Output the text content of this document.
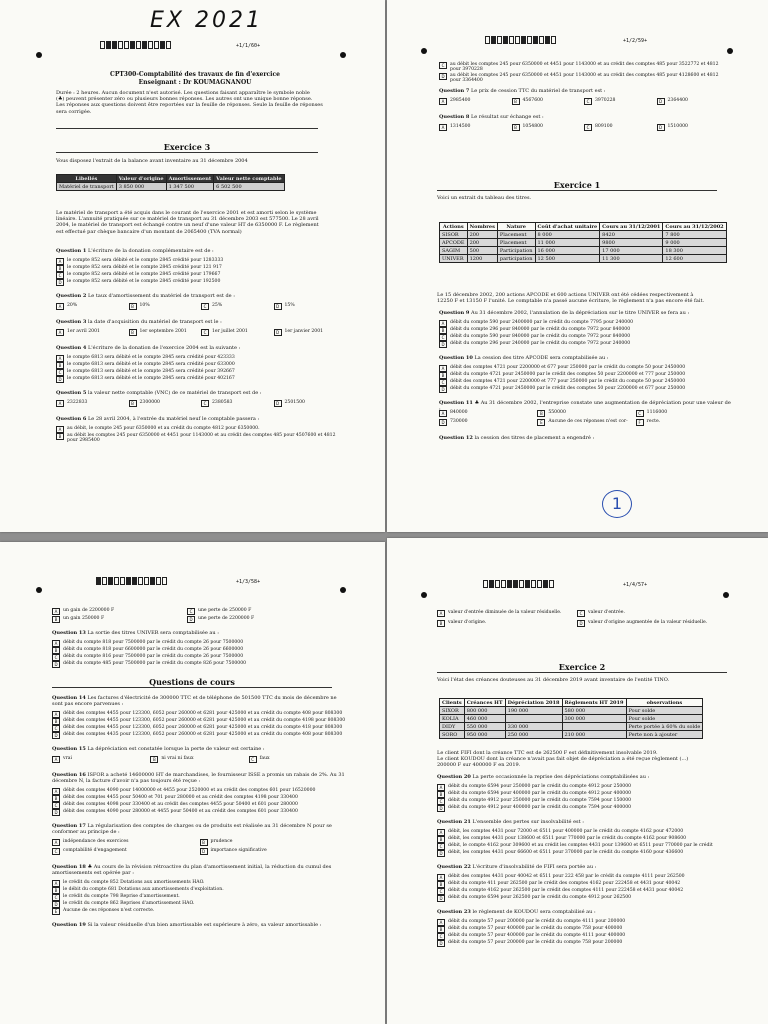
EX 2021
+1/1/60+
CPT300-Comptabilité des travaux de fin d'exercice
Enseignant : Dr KOUMAGNANOU
Durée : 2 heures. Aucun document n'est autorisé. Les questions faisant apparaître le symbole noble
(♣) peuvent présenter zéro ou plusieurs bonnes réponses. Les autres ont une unique bonne réponse.
Les réponses aux questions doivent être reportées sur la feuille de réponses. Seule la feuille de réponses
sera corrigée.
Exercice 3
Vous disposez l'extrait de la balance avant inventaire au 31 décembre 2004
Libellés	Valeur d'origine	Amortissement	Valeur nette comptable
Matériel de transport	3 850 000	1 347 500	6 502 500
Le matériel de transport a été acquis dans le courant de l'exercice 2001 et est amorti selon le système
linéaire. L'annuité pratiquée sur ce matériel de transport au 31 décembre 2003 est 577500. Le 28 avril
2004, le matériel de transport est échangé contre un neuf d'une valeur HT de 6350000 F. Le règlement
est effectué par chèque bancaire d'un montant de 2065400 (TVA normal)
Question 1 L'écriture de la donation complémentaire est de :
A	le compte 852 sera débité et le compte 2845 crédité pour 1283333
B	le compte 852 sera débité et le compte 2845 crédité pour 121 917
C	le compte 852 sera débité et le compte 2845 crédité pour 179667
D	le compte 852 sera débité et le compte 2845 crédité pour 192500
Question 2 Le taux d'amortissement du matériel de transport est de :
A	20%	B	10%	C	25%	D	15%
Question 3 la date d'acquisition du matériel de transport est le :
A	1er avril 2001	B	1er septembre 2001	C	1er juillet 2001	D	1er janvier 2001
Question 4 L'écriture de la donation de l'exercice 2004 est la suivante :
A	le compte 6813 sera débité et le compte 2845 sera crédité pour 423333
B	le compte 6813 sera débité et le compte 2845 sera crédité pour 633000
C	le compte 6813 sera débité et le compte 2845 sera crédité pour 392667
D	le compte 6813 sera débité et le compte 2845 sera crédité pour 402167
Question 5 la valeur nette comptable (VNC) de ce matériel de transport est de :
A	2322833	B	2300000	C	2380583	D	2501500
Question 6 Le 28 avril 2004, à l'entrée du matériel neuf le comptable passera :
A	au débit, le compte 245 pour 6350000 et au crédit du compte 4812 pour 6350000.
B	au débit les comptes 245 pour 6350000 et 4451 pour 1143000 et au crédit des comptes 485 pour 4507600 et 4812 pour 2985400
+1/2/59+
Exercice 1
Voici un extrait du tableau des titres.
Actions	Nombres	Nature	Coût d'achat unitaire	Cours au 31/12/2001	Cours au 31/12/2002
SISOR	200	Placement	8 000	8420	7 800
APCODE	200	Placement	11 000	9800	9 000
SAGIM	500	Participation	16 000	17 000	18 300
UNIVER	1200	participation	12 500	11 300	12 600
Le 15 décembre 2002, 200 actions APCODE et 600 actions UNIVER ont été cédées respectivement à
12250 F et 13150 F l'unité. Le comptable n'a passé aucune écriture, le règlement n'a pas encore été fait.
1
C	au débit les comptes 245 pour 6350000 et 4451 pour 1143000 et au crédit des comptes 485 pour 3522772 et 4812 pour 3970228
D	au débit les comptes 245 pour 6350000 et 4451 pour 1143000 et au crédit des comptes 485 pour 4128600 et 4812 pour 3364400
Question 7 Le prix de cession TTC du matériel de transport est :
A	2985400	B	4567600	C	3970228	D	2364400
Question 8 Le résultat sur échange est :
A	1314500	B	1054800	C	809100	D	1510000
Question 9 Au 31 décembre 2002, l'annulation de la dépréciation sur le titre UNIVER se fera au :
A	débit du compte 590 pour 2400000 par le crédit du compte 7795 pour 240000
B	débit du compte 296 pour 840000 par le crédit du compte 7972 pour 840000
C	débit du compte 590 pour 840000 par le crédit du compte 7972 pour 840000
D	débit du compte 296 pour 240000 par le crédit du compte 7972 pour 240000
Question 10 La cession des titre APCODE sera comptabilisée au :
A	débit des comptes 4721 pour 2200000 et 677 pour 250000 par le crédit du compte 50 pour 2450000
B	débit du compte 4721 pour 2450000 par le crédit des comptes 50 pour 2200000 et 777 pour 250000
C	débit des comptes 4721 pour 2200000 et 777 pour 250000 par le crédit du compte 50 pour 2450000
D	débit du compte 4721 pour 2450000 par le crédit des comptes 50 pour 2200000 et 677 pour 250000
Question 11 ♣ Au 31 décembre 2002, l'entreprise constate une augmentation de dépréciation pour une valeur de :
A	840000	B	550000	C	1116000
D	730000	E	Aucune de ces réponses n'est cor-	F	recte.
Question 12 la cession des titres de placement a engendré :
+1/3/58+
A	un gain de 2200000 F
B	un gain 250000 F
C	une perte de 250000 F
D	une perte de 2200000 F
Question 13 La sortie des titres UNIVER sera comptabilisée au :
A	débit du compte 818 pour 7500000 par le crédit du compte 26 pour 7500000
B	débit du compte 818 pour 6600000 par le crédit du compte 26 pour 6600000
C	débit du compte 816 pour 7500000 par le crédit du compte 26 pour 7500000
D	débit du compte 485 pour 7500000 par le crédit du compte 826 pour 7500000
Questions de cours
Question 14 Les factures d'électricité de 300000 TTC et de téléphone de 501500 TTC du mois de décembre ne sont pas encore parvenues :
A	débit des comptes 4455 pour 123300, 6052 pour 260000 et 6281 pour 425000 et au crédit du compte 408 pour 808300
B	débit des comptes 4455 pour 123300, 6052 pour 260000 et 6281 pour 425000 et au crédit du compte 4198 pour 808300
C	débit des comptes 4455 pour 123300, 6052 pour 260000 et 6281 pour 425000 et au crédit du compte 418 pour 808300
D	débit des comptes 4435 pour 123300, 6052 pour 260000 et 6281 pour 425000 et au crédit du compte 408 pour 808300
Question 15 La dépréciation est constatée lorsque la perte de valeur est certaine :
A	vrai	B	ni vrai ni faux	C	faux
Question 16 ISFOR a acheté 14600000 HT de marchandises, le fournisseur ISSE a promis un rabais de 2%. Au 31 décembre N, la facture d'avoir n'a pas toujours été reçue :
A	débit des comptes 4090 pour 14000000 et 4455 pour 2520000 et au crédit des comptes 601 pour 16520000
B	débit des comptes 4455 pour 50400 et 701 pour 280000 et au crédit des comptes 4198 pour 330400
C	débit des comptes 4098 pour 330400 et au crédit des comptes 4455 pour 50400 et 601 pour 280000
D	débit des comptes 4090 pour 280000 et 4455 pour 50400 et au crédit des comptes 601 pour 330400
Question 17 La régularisation des comptes de charges ou de produits est réalisée au 31 décembre N pour se conformer au principe de :
A	indépendance des exercices	B	prudence
C	comptabilité d'engagement	D	importance significative
Question 18 ♣ Au cours de la révision rétroactive du plan d'amortissement initial, la réduction du cumul des amortissements est opérée par :
A	le crédit du compte 852 Dotations aux amortissements HAO.
B	le débit du compte 681 Dotations aux amortissements d'exploitation.
C	le crédit du compte 798 Reprise d'amortissement.
D	le crédit du compte 862 Reprises d'amortissement HAO.
E	Aucune de ces réponses n'est correcte.
Question 19 Si la valeur résiduelle d'un bien amortissable est supérieure à zéro, sa valeur amortissable :
+1/4/57+
Exercice 2
Voici l'état des créances douteuses au 31 décembre 2019 avant inventaire de l'entité TINO.
Clients	Créances HT	Dépréciation 2018	Règlements HT 2019	observations
SIXOR	800 000	190 000	580 000	Pour solde
KOLIA	460 000		300 000	Pour solde
DIDY	550 000	330 000		Perte portée à 60% du solde
SORO	950 000	250 000	210 000	Perte non à ajouter
Le client FIFI dont la créance TTC est de 262500 F est définitivement insolvable 2019.
Le client KOUDOU dont la créance n'avait pas fait objet de dépréciation a été reçue règlement (...)
200000 F sur 400000 F en 2019.
A	valeur d'entrée diminuée de la valeur résiduelle.
B	valeur d'origine.
C	valeur d'entrée.
D	valeur d'origine augmentée de la valeur résiduelle.
Question 20 La perte occasionnée la reprise des dépréciations comptabilisées au :
A	débit du compte 6594 pour 250000 par le crédit du compte 4912 pour 250000
B	débit du compte 6594 pour 400000 par le crédit du compte 4912 pour 400000
C	débit du compte 4912 pour 250000 par le crédit du compte 7594 pour 150000
D	débit du compte 4912 pour 400000 par le crédit du compte 7594 pour 400000
Question 21 L'ensemble des pertes sur insolvabilité est :
A	débit, les comptes 4431 pour 72000 et 6511 pour 400000 par le crédit du compte 4162 pour 472000
B	débit, les comptes 4431 pour 138600 et 6511 pour 770000 par le crédit du compte 4162 pour 908600
C	débit, le compte 4162 pour 309600 et au crédit les comptes 4431 pour 139600 et 6511 pour 770000 par le crédit
D	débit, les comptes 4431 pour 66600 et 6511 pour 370000 par le crédit du compte 4160 pour 436600
Question 22 L'écriture d'insolvabilité de FIFI sera portée au :
A	débit des comptes 4431 pour 40042 et 6511 pour 222 458 par le crédit du compte 4111 pour 262500
B	débit du compte 411 pour 262500 par le crédit des comptes 4162 pour 222458 et 4431 pour 40042
C	débit du compte 4162 pour 262500 par le crédit des comptes 4111 pour 222458 et 4431 pour 40042
D	débit du compte 6594 pour 262500 par le crédit du compte 4912 pour 262500
Question 23 le règlement de KOUDOU sera comptabilisé au :
A	débit du compte 57 pour 200000 par le crédit du compte 4111 pour 200000
B	débit du compte 57 pour 400000 par le crédit du compte 758 pour 400000
C	débit du compte 57 pour 400000 par le crédit du compte 4111 pour 400000
D	débit du compte 57 pour 200000 par le crédit du compte 758 pour 200000
